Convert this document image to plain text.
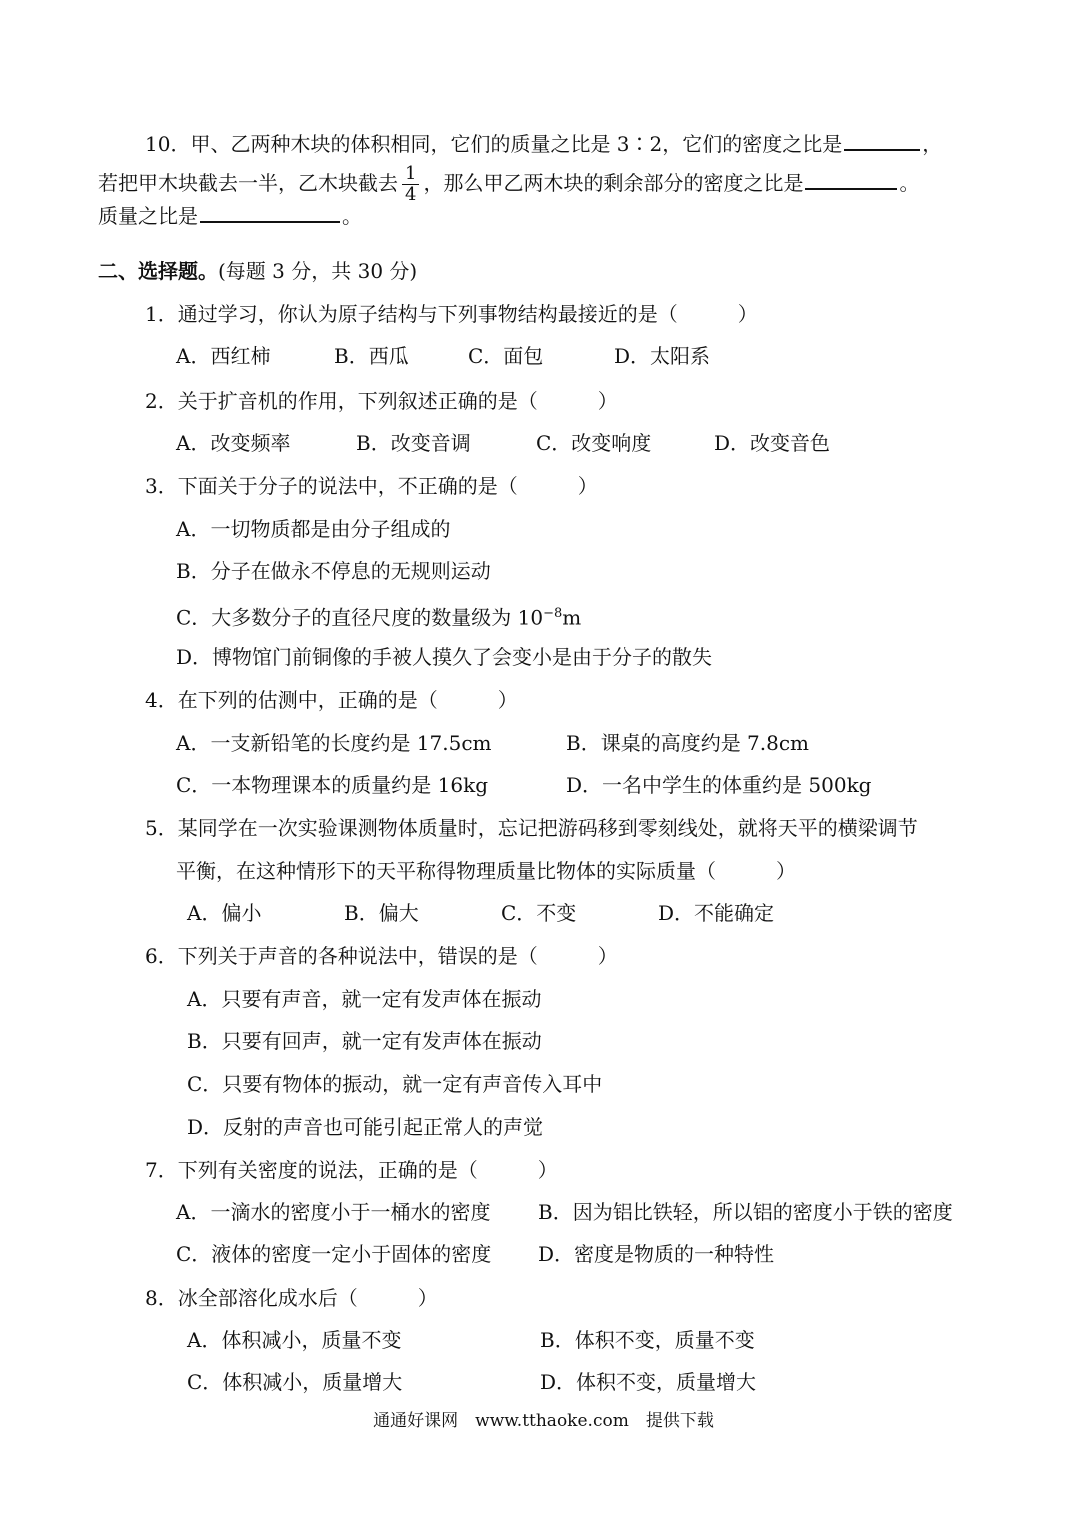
10．甲、乙两种木块的体积相同，它们的质量之比是 3∶2，它们的密度之比是	，
若把甲木块截去一半，乙木块截去 $\frac{1}{4}$ ，那么甲乙两木块的剩余部分的密度之比是	。
质量之比是	。
二、选择题。(每题 3 分，共 30 分)
1．通过学习，你认为原子结构与下列事物结构最接近的是（　　　）
A．西红柿	B．西瓜	C．面包	D．太阳系
2．关于扩音机的作用，下列叙述正确的是（　　　）
A．改变频率	B．改变音调	C．改变响度	D．改变音色
3．下面关于分子的说法中，不正确的是（　　　）
A．一切物质都是由分子组成的
B．分子在做永不停息的无规则运动
C．大多数分子的直径尺度的数量级为 $10^{-8}m$
D．博物馆门前铜像的手被人摸久了会变小是由于分子的散失
4．在下列的估测中，正确的是（　　　）
A．一支新铅笔的长度约是 17.5cm	B．课桌的高度约是 7.8cm
C．一本物理课本的质量约是 16kg	D．一名中学生的体重约是 500kg
5．某同学在一次实验课测物体质量时，忘记把游码移到零刻线处，就将天平的横梁调节
平衡，在这种情形下的天平称得物理质量比物体的实际质量（　　　）
A．偏小	B．偏大	C．不变	D．不能确定
6．下列关于声音的各种说法中，错误的是（　　　）
A．只要有声音，就一定有发声体在振动
B．只要有回声，就一定有发声体在振动
C．只要有物体的振动，就一定有声音传入耳中
D．反射的声音也可能引起正常人的声觉
7．下列有关密度的说法，正确的是（　　　）
A．一滴水的密度小于一桶水的密度 B．因为铝比铁轻，所以铝的密度小于铁的密度
C．液体的密度一定小于固体的密度 D．密度是物质的一种特性
8．冰全部溶化成水后（　　　）
A．体积减小，质量不变	B．体积不变，质量不变
C．体积减小，质量增大	D．体积不变，质量增大
通通好课网　www.tthaoke.com　提供下载
